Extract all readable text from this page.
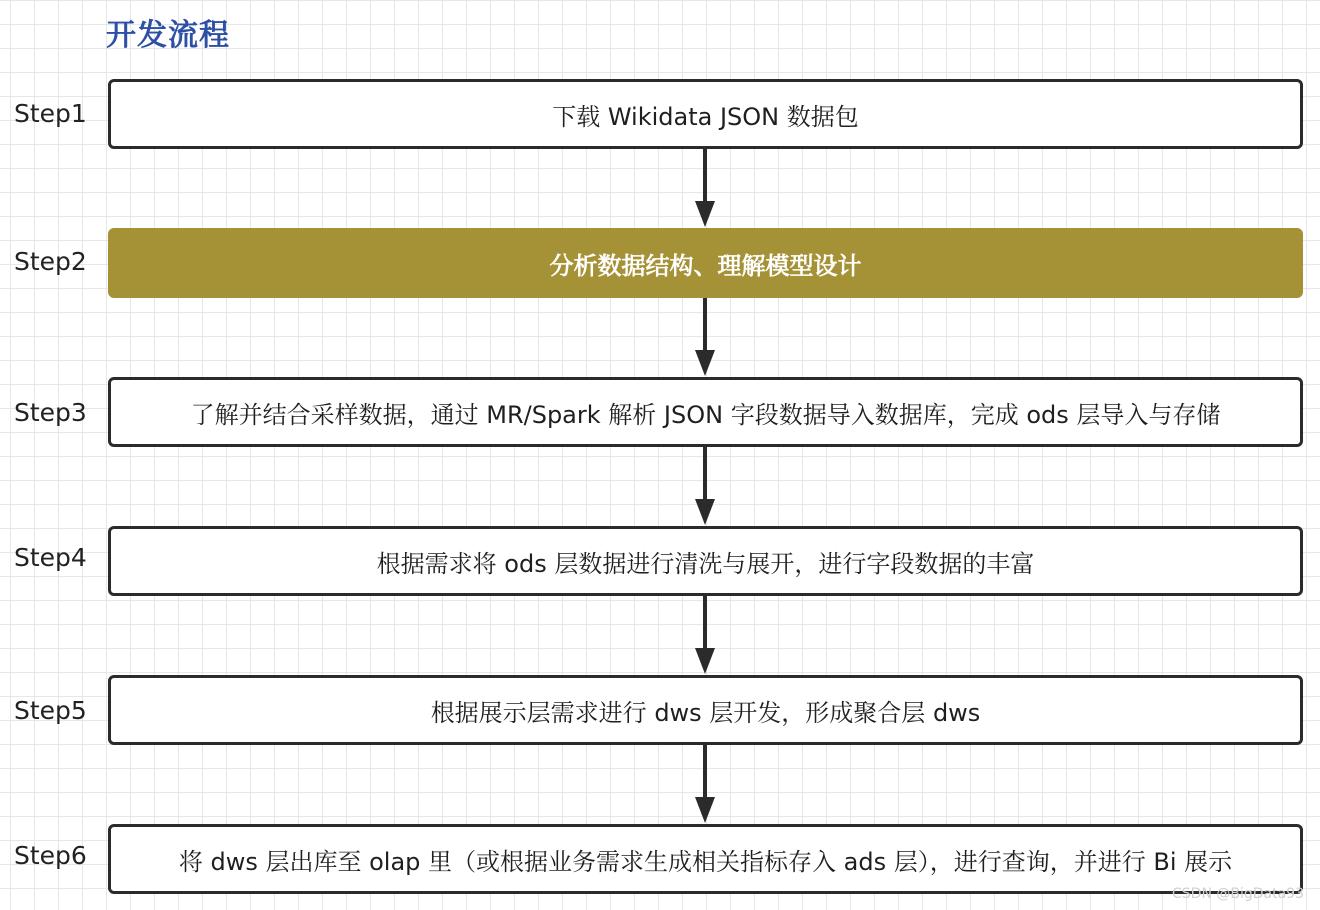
开发流程
Step1	下载 Wikidata JSON 数据包
Step2	分析数据结构、理解模型设计
Step3	了解并结合采样数据，通过 MR/Spark 解析 JSON 字段数据导入数据库，完成 ods 层导入与存储
Step4	根据需求将 ods 层数据进行清洗与展开，进行字段数据的丰富
Step5	根据展示层需求进行 dws 层开发，形成聚合层 dws
Step6	将 dws 层出库至 olap 里（或根据业务需求生成相关指标存入 ads 层），进行查询，并进行 Bi 展示
CSDN @BigData93
